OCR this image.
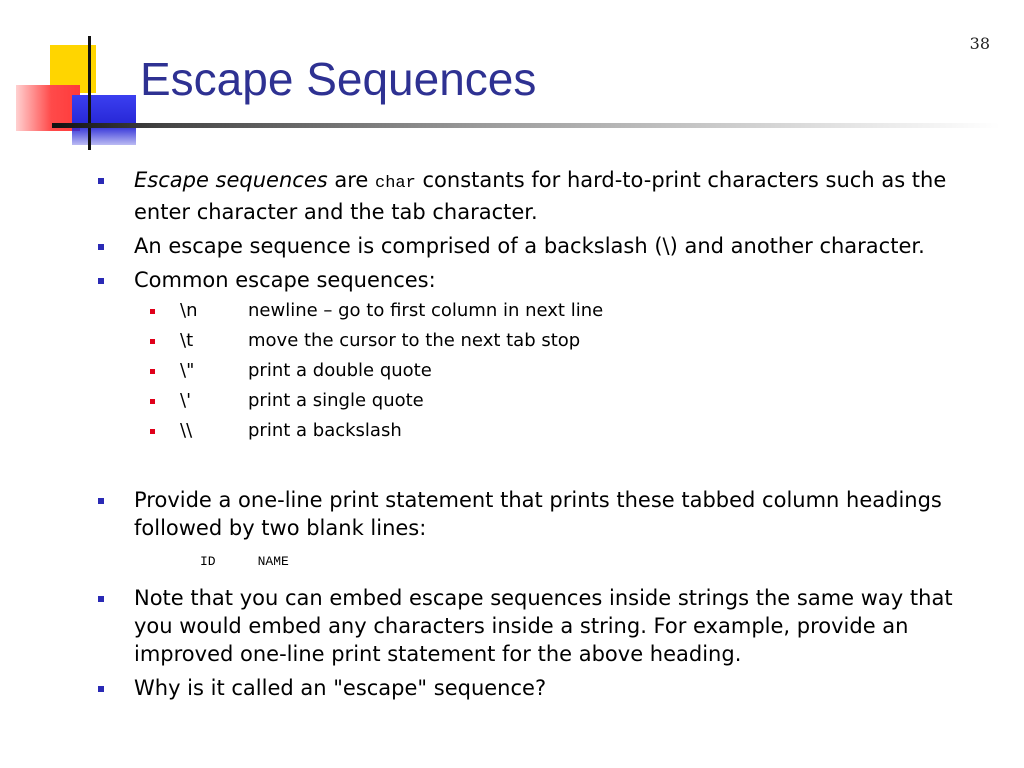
38
Escape Sequences
Escape sequences are char constants for hard-to-print characters such as the enter character and the tab character.
An escape sequence is comprised of a backslash (\) and another character.
Common escape sequences:
\n	newline – go to first column in next line
\t	move the cursor to the next tab stop
\"	print a double quote
\'	print a single quote
\\	print a backslash
Provide a one-line print statement that prints these tabbed column headings followed by two blank lines:
ID	NAME
Note that you can embed escape sequences inside strings the same way that you would embed any characters inside a string. For example, provide an improved one-line print statement for the above heading.
Why is it called an "escape" sequence?
